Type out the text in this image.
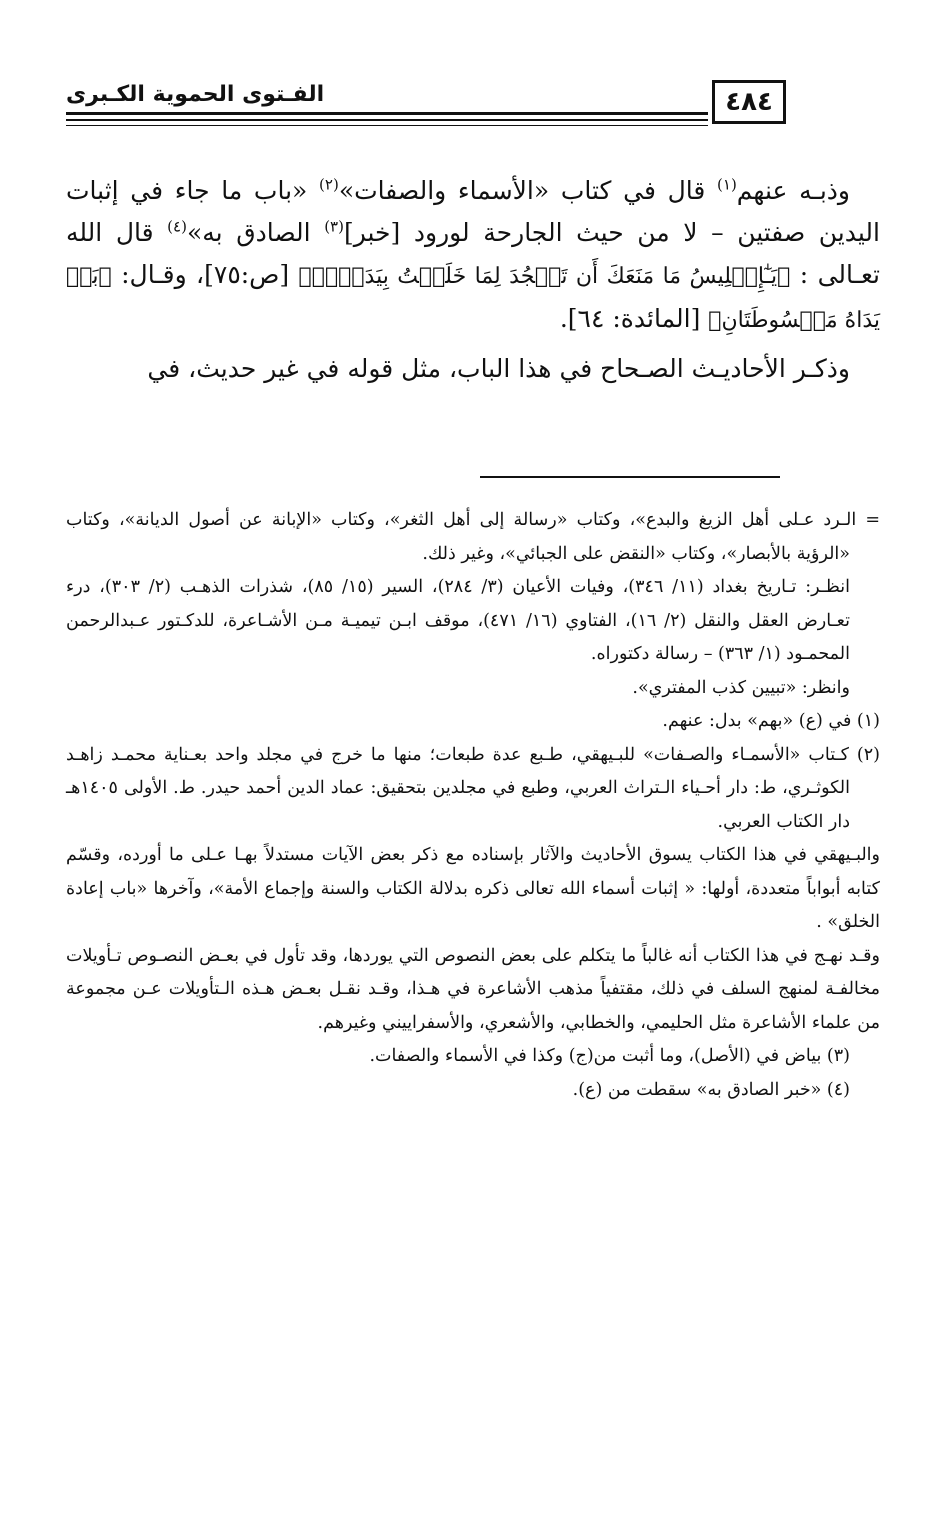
٤٨٤
الفـتوى الحموية الكـبرى

وذبـه عنهم$^{(١)}$ قال في كتاب «الأسماء والصفات»$^{(٢)}$ «باب ما جاء في إثبات اليدين صفتين – لا من حيث الجارحة لورود [خبر]$^{(٣)}$ الصادق به»$^{(٤)}$ قال الله تعـالى : ﴿يَـٰٓإِبۡلِيسُ مَا مَنَعَكَ أَن تَسۡجُدَ لِمَا خَلَقۡتُ بِيَدَيَّۖ﴾ [ص:٧٥]، وقـال: ﴿بَلۡ يَدَاهُ مَبۡسُوطَتَانِ﴾ [المائدة: ٦٤].

وذكـر الأحاديـث الصـحاح في هذا الباب، مثل قوله في غير حديث، في

= الـرد عـلى أهل الزيغ والبدع»، وكتاب «رسالة إلى أهل الثغر»، وكتاب «الإبانة عن أصول الديانة»، وكتاب «الرؤية بالأبصار»، وكتاب «النقض على الجبائي»، وغير ذلك.

انظـر: تـاريخ بغداد (١١/ ٣٤٦)، وفيات الأعيان (٣/ ٢٨٤)، السير (١٥/ ٨٥)، شذرات الذهـب (٢/ ٣٠٣)، درء تعـارض العقل والنقل (٢/ ١٦)، الفتاوي (١٦/ ٤٧١)، موقف ابـن تيميـة مـن الأشـاعرة، للدكـتور عـبدالرحمن المحمـود (١/ ٣٦٣) – رسالة دكتوراه.

وانظر: «تبيين كذب المفتري».

(١) في (ع) «بهم» بدل: عنهم.

(٢) كـتاب «الأسمـاء والصـفات» للبـيهقي، طـبع عدة طبعات؛ منها ما خرج في مجلد واحد بعـناية محمـد زاهـد الكوثـري، ط: دار أحـياء الـتراث العربي، وطبع في مجلدين بتحقيق: عماد الدين أحمد حيدر. ط. الأولى ١٤٠٥هـ دار الكتاب العربي.

والبـيهقي في هذا الكتاب يسوق الأحاديث والآثار بإسناده مع ذكر بعض الآيات مستدلاً بهـا عـلى ما أورده، وقسّم كتابه أبواباً متعددة، أولها: « إثبات أسماء الله تعالى ذكره بدلالة الكتاب والسنة وإجماع الأمة»، وآخرها «باب إعادة الخلق» .

وقـد نهـج في هذا الكتاب أنه غالباً ما يتكلم على بعض النصوص التي يوردها، وقد تأول في بعـض النصـوص تـأويلات مخالفـة لمنهج السلف في ذلك، مقتفياً مذهب الأشاعرة في هـذا، وقـد نقـل بعـض هـذه الـتأويلات عـن مجموعة من علماء الأشاعرة مثل الحليمي، والخطابي، والأشعري، والأسفراييني وغيرهم.

(٣) بياض في (الأصل)، وما أثبت من(ج) وكذا في الأسماء والصفات.

(٤) «خبر الصادق به» سقطت من (ع).
